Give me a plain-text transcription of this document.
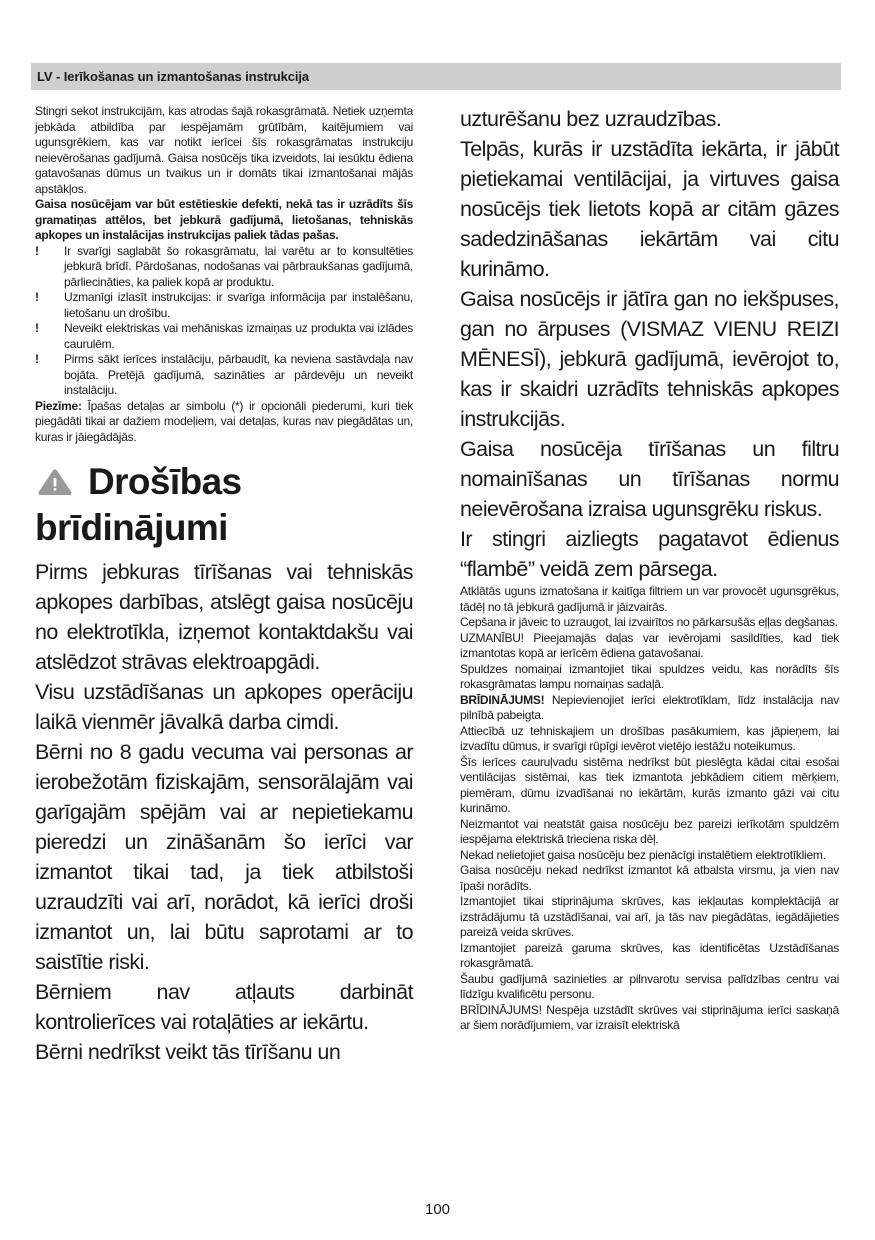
LV - Ierīkošanas un izmantošanas instrukcija

Stingri sekot instrukcijām, kas atrodas šajā rokasgrāmatā. Netiek uzņemta jebkāda atbildība par iespējamām grūtībām, kaitējumiem vai ugunsgrēkiem, kas var notikt ierīcei šīs rokasgrāmatas instrukciju neievērošanas gadījumā. Gaisa nosūcējs tika izveidots, lai iesūktu ēdiena gatavošanas dūmus un tvaikus un ir domāts tikai izmantošanai mājās apstākļos.

Gaisa nosūcējam var būt estētieskie defekti, nekā tas ir uzrādīts šīs gramatiņas attēlos, bet jebkurā gadījumā, lietošanas, tehniskās apkopes un instalācijas instrukcijas paliek tādas pašas.

! Ir svarīgi saglabāt šo rokasgrāmatu, lai varētu ar to konsultēties jebkurā brīdī. Pārdošanas, nodošanas vai pārbraukšanas gadījumā, pārliecināties, ka paliek kopā ar produktu.

! Uzmanīgi izlasīt instrukcijas: ir svarīga informācija par instalēšanu, lietošanu un drošību.

! Neveikt elektriskas vai mehāniskas izmaiņas uz produkta vai izlādes caurulēm.

! Pirms sākt ierīces instalāciju, pārbaudīt, ka neviena sastāvdaļa nav bojāta. Pretējā gadījumā, sazināties ar pārdevēju un neveikt instalāciju.

Piezīme: Īpašas detaļas ar simbolu (*) ir opcionāli piederumi, kuri tiek piegādāti tikai ar dažiem modeļiem, vai detaļas, kuras nav piegādātas un, kuras ir jāiegādājās.

Drošības
brīdinājumi

Pirms jebkuras tīrīšanas vai tehniskās apkopes darbības, atslēgt gaisa nosūcēju no elektrotīkla, izņemot kontaktdakšu vai atslēdzot strāvas elektroapgādi.

Visu uzstādīšanas un apkopes operāciju laikā vienmēr jāvalkā darba cimdi.

Bērni no 8 gadu vecuma vai personas ar ierobežotām fiziskajām, sensorālajām vai garīgajām spējām vai ar nepietiekamu pieredzi un zināšanām šo ierīci var izmantot tikai tad, ja tiek atbilstoši uzraudzīti vai arī, norādot, kā ierīci droši izmantot un, lai būtu saprotami ar to saistītie riski.

Bērniem nav atļauts darbināt kontrolierīces vai rotaļāties ar iekārtu.

Bērni nedrīkst veikt tās tīrīšanu un

uzturēšanu bez uzraudzības.

Telpās, kurās ir uzstādīta iekārta, ir jābūt pietiekamai ventilācijai, ja virtuves gaisa nosūcējs tiek lietots kopā ar citām gāzes sadedzināšanas iekārtām vai citu kurināmo.

Gaisa nosūcējs ir jātīra gan no iekšpuses, gan no ārpuses (VISMAZ VIENU REIZI MĒNESĪ), jebkurā gadījumā, ievērojot to, kas ir skaidri uzrādīts tehniskās apkopes instrukcijās.

Gaisa nosūcēja tīrīšanas un filtru nomainīšanas un tīrīšanas normu neievērošana izraisa ugunsgrēku riskus.

Ir stingri aizliegts pagatavot ēdienus “flambē” veidā zem pārsega.

Atklātās uguns izmatošana ir kaitīga filtriem un var provocēt ugunsgrēkus, tādēļ no tā jebkurā gadījumā ir jāizvairās.

Cepšana ir jāveic to uzraugot, lai izvairītos no pārkarsušās eļļas degšanas.

UZMANĪBU! Pieejamajās daļas var ievērojami sasildīties, kad tiek izmantotas kopā ar ierīcēm ēdiena gatavošanai.

Spuldzes nomaiņai izmantojiet tikai spuldzes veidu, kas norādīts šīs rokasgrāmatas lampu nomaiņas sadaļā.

BRĪDINĀJUMS! Nepievienojiet ierīci elektrotīklam, līdz instalācija nav pilnībā pabeigta.

Attiecībā uz tehniskajiem un drošības pasākumiem, kas jāpieņem, lai izvadītu dūmus, ir svarīgi rūpīgi ievērot vietējo iestāžu noteikumus.

Šīs ierīces cauruļvadu sistēma nedrīkst būt pieslēgta kādai citai esošai ventilācijas sistēmai, kas tiek izmantota jebkādiem citiem mērķiem, piemēram, dūmu izvadīšanai no iekārtām, kurās izmanto gāzi vai citu kurināmo.

Neizmantot vai neatstāt gaisa nosūcēju bez pareizi ierīkotām spuldzēm iespējama elektriskā trieciena riska dēļ.

Nekad nelietojiet gaisa nosūcēju bez pienācīgi instalētiem elektrotīkliem.

Gaisa nosūcēju nekad nedrīkst izmantot kā atbalsta virsmu, ja vien nav īpaši norādīts.

Izmantojiet tikai stiprinājuma skrūves, kas iekļautas komplektācijā ar izstrādājumu tā uzstādīšanai, vai arī, ja tās nav piegādātas, iegādājieties pareizā veida skrūves.

Izmantojiet pareizā garuma skrūves, kas identificētas Uzstādīšanas rokasgrāmatā.

Šaubu gadījumā sazinieties ar pilnvarotu servisa palīdzības centru vai līdzīgu kvalificētu personu.

BRĪDINĀJUMS! Nespēja uzstādīt skrūves vai stiprinājuma ierīci saskaņā ar šiem norādījumiem, var izraisīt elektriskā

100
